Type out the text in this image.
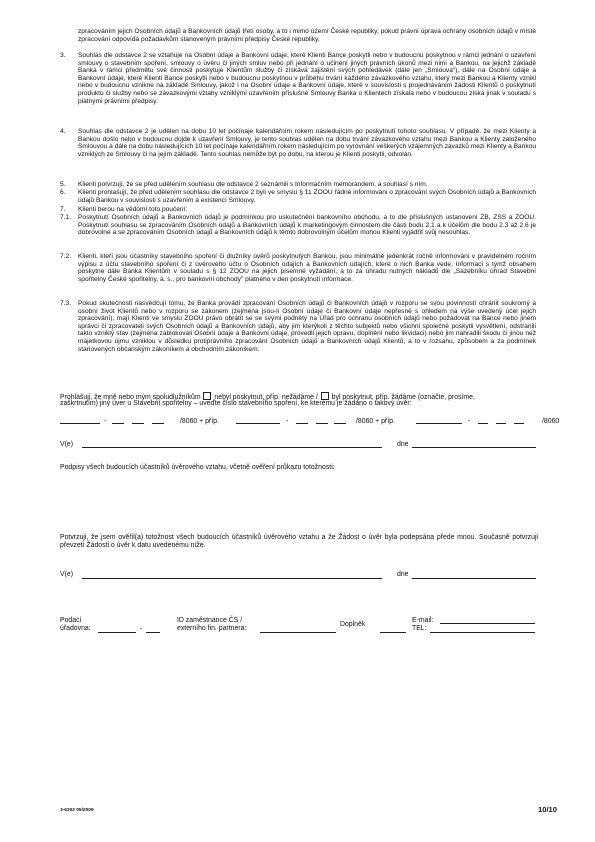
zpracováním jejich Osobních údajů a Bankovních údajů třetí osoby, a to i mimo území České republiky, pokud právní úprava ochrany osobních údajů v místě zpracování odpovídá požadavkům stanoveným právními předpisy České republiky.
3. Souhlas dle odstavce 2 se vztahuje na Osobní údaje a Bankovní údaje, které Klienti Bance poskytli nebo v budoucnu poskytnou v rámci jednání o uzavření smlouvy o stavebním spoření, smlouvy o úvěru či jiných smluv nebo při jednání o učinění jiných právních úkonů mezi nimi a Bankou, na jejichž základě Banka v rámci předmětu své činnosti poskytuje Klientům služby či získává zajištění svých pohledávek (dále jen „Smlouva"), dále na Osobní údaje a Bankovní údaje, které Klienti Bance poskytli nebo v budoucnu poskytnou v průběhu trvání každého závazkového vztahu, který mezi Bankou a Klienty vznikl nebo v budoucnu vznikne na základě Smlouvy, jakož i na Osobní údaje a Bankovní údaje, které v souvislosti s projednáváním žádosti Klientů o poskytnutí produktu či služby nebo se závazkovými vztahy vzniklými uzavřením příslušné Smlouvy Banka o Klientech získala nebo v budoucnu získá jinak v souladu s platnými právními předpisy.
4. Souhlas dle odstavce 2 je udělen na dobu 10 let počínaje kalendářním rokem následujícím po poskytnutí tohoto souhlasu. V případě, že mezi Klienty a Bankou došlo nebo v budoucnu dojde k uzavření Smlouvy, je tento souhlas udělen na dobu trvání závazkového vztahu mezi Bankou a Klienty založeného Smlouvou a dále na dobu následujících 10 let počínaje kalendářním rokem následujícím po vyrovnání veškerých vzájemných závazků mezi Klienty a Bankou vzniklých ze Smlouvy či na jejím základě. Tento souhlas nemůže být po dobu, na kterou je Klienti poskytli, odvolán.
5. Klienti potvrzují, že se před udělením souhlasu dle odstavce 2 seznámili s Informačním memorandem, a souhlasí s ním.
6. Klienti prohlašují, že před udělením souhlasu dle odstavce 2 byli ve smyslu § 11 ZOOU řádně informováni o zpracování svých Osobních údajů a Bankovních údajů Bankou v souvislosti s uzavřením a existencí Smlouvy.
7. Klienti berou na vědomí toto poučení:
7.1. Poskytnutí Osobních údajů a Bankovních údajů je podmínkou pro uskutečnění bankovního obchodu, a to dle příslušných ustanovení ZB, ZSS a ZOOU. Poskytnutí souhlasu se zpracováním Osobních údajů a Bankovních údajů k marketingovým činnostem dle části bodu 2.1 a k účelům dle bodu 2.3 až 2.6 je dobrovolné a se zpracováním Osobních údajů a Bankovních údajů k těmto dobrovolným účelům mohou Klienti vyjádřit svůj nesouhlas.
7.2. Klienti, kteří jsou účastníky stavebního spoření či dlužníky úvěrů poskytnutých Bankou, jsou minimálně jedenkrát ročně informováni v pravidelném ročním výpisu z účtu stavebního spoření či z úvěrového účtu o Osobních údajích a Bankovních údajích, které o nich Banka vede. Informaci s týmž obsahem poskytne dále Banka Klientům v souladu s § 12 ZOOU na jejich písemné vyžádání, a to za úhradu nutných nákladů dle „Sazebníku úhrad Stavební spořitelny České spořitelny, a. s., pro bankovní obchody" platného v den poskytnutí informace.
7.3. Pokud skutečnosti nasvědčují tomu, že Banka provádí zpracování Osobních údajů či Bankovních údajů v rozporu se svou povinností chránit soukromý a osobní život Klientů nebo v rozporu se zákonem (zejména jsou-li Osobní údaje či Bankovní údaje nepřesné s ohledem na výše uvedený účel jejich zpracování), mají Klienti ve smyslu ZOOU právo obrátit se se svými podněty na Úřad pro ochranu osobních údajů nebo požadovat na Bance nebo jiném správci či zpracovateli svých Osobních údajů a Bankovních údajů, aby jim kterýkoli z těchto subjektů nebo všichni společně poskytli vysvětlení, odstranili takto vzniklý stav (zejména zablokovali Osobní údaje a Bankovní údaje, provedli jejich opravu, doplnění nebo likvidaci) nebo jim nahradili škodu či jinou než majetkovou újmu vzniklou v důsledku protiprávního zpracování Osobních údajů a Bankovních údajů Klientů, a to v rozsahu, způsobem a za podmínek stanovených občanským zákoníkem a obchodním zákoníkem.
Prohlašuji, že mně nebo mým spoludlužníkům nebyl poskytnut, příp. nežádáme / byl poskytnut, příp. žádáme (označte, prosíme,
zaškrtnutím) jiný úver u Stavební spořitelny – uveďte číslo stavebního spoření, ke kterému je žádáno o takový úvěr:
-	/8060 + příp.	-	/8060 + příp.	-	/8060
V(e)	dne
Podpisy všech budoucích účastníků úvěrového vztahu, včetně ověření průkazu totožnosti:
Potvrzuji, že jsem ověřil(a) totožnost všech budoucích účastníků úvěrového vztahu a že Žádost o úvěr byla podepsána přede mnou. Současně potvrzuji převzetí Žádosti o úvěr k datu uvedenému níže.
V(e)	dne
Podací
úřadovna:	-
ID zaměstnance ČS /
externího fin. partnera:
Doplněk
E-mail:
TEL:
3-6302 05/2009	10/10
